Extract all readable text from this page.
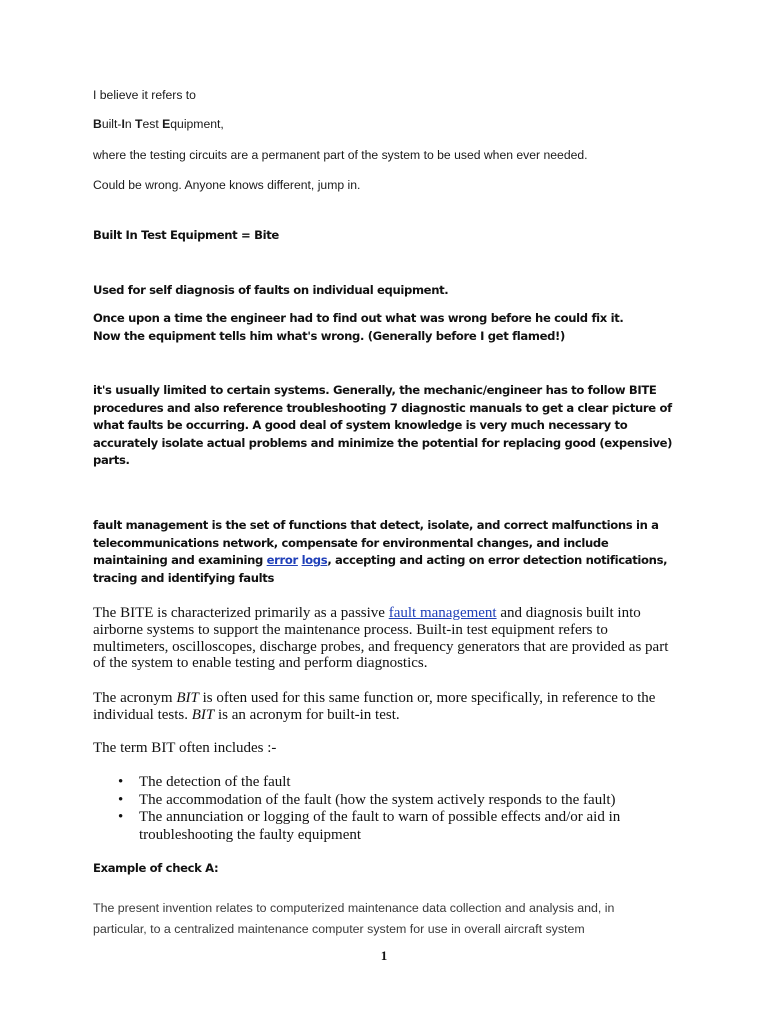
I believe it refers to

Built-In Test Equipment,

where the testing circuits are a permanent part of the system to be used when ever needed.

Could be wrong. Anyone knows different, jump in.

Built In Test Equipment = Bite

Used for self diagnosis of faults on individual equipment.

Once upon a time the engineer had to find out what was wrong before he could fix it. Now the equipment tells him what's wrong. (Generally before I get flamed!)

it's usually limited to certain systems. Generally, the mechanic/engineer has to follow BITE procedures and also reference troubleshooting 7 diagnostic manuals to get a clear picture of what faults be occurring. A good deal of system knowledge is very much necessary to accurately isolate actual problems and minimize the potential for replacing good (expensive) parts.

fault management is the set of functions that detect, isolate, and correct malfunctions in a telecommunications network, compensate for environmental changes, and include maintaining and examining error logs, accepting and acting on error detection notifications, tracing and identifying faults

The BITE is characterized primarily as a passive fault management and diagnosis built into airborne systems to support the maintenance process. Built-in test equipment refers to multimeters, oscilloscopes, discharge probes, and frequency generators that are provided as part of the system to enable testing and perform diagnostics.

The acronym BIT is often used for this same function or, more specifically, in reference to the individual tests. BIT is an acronym for built-in test.

The term BIT often includes :-

• The detection of the fault
• The accommodation of the fault (how the system actively responds to the fault)
• The annunciation or logging of the fault to warn of possible effects and/or aid in troubleshooting the faulty equipment

Example of check A:

The present invention relates to computerized maintenance data collection and analysis and, in particular, to a centralized maintenance computer system for use in overall aircraft system

1
